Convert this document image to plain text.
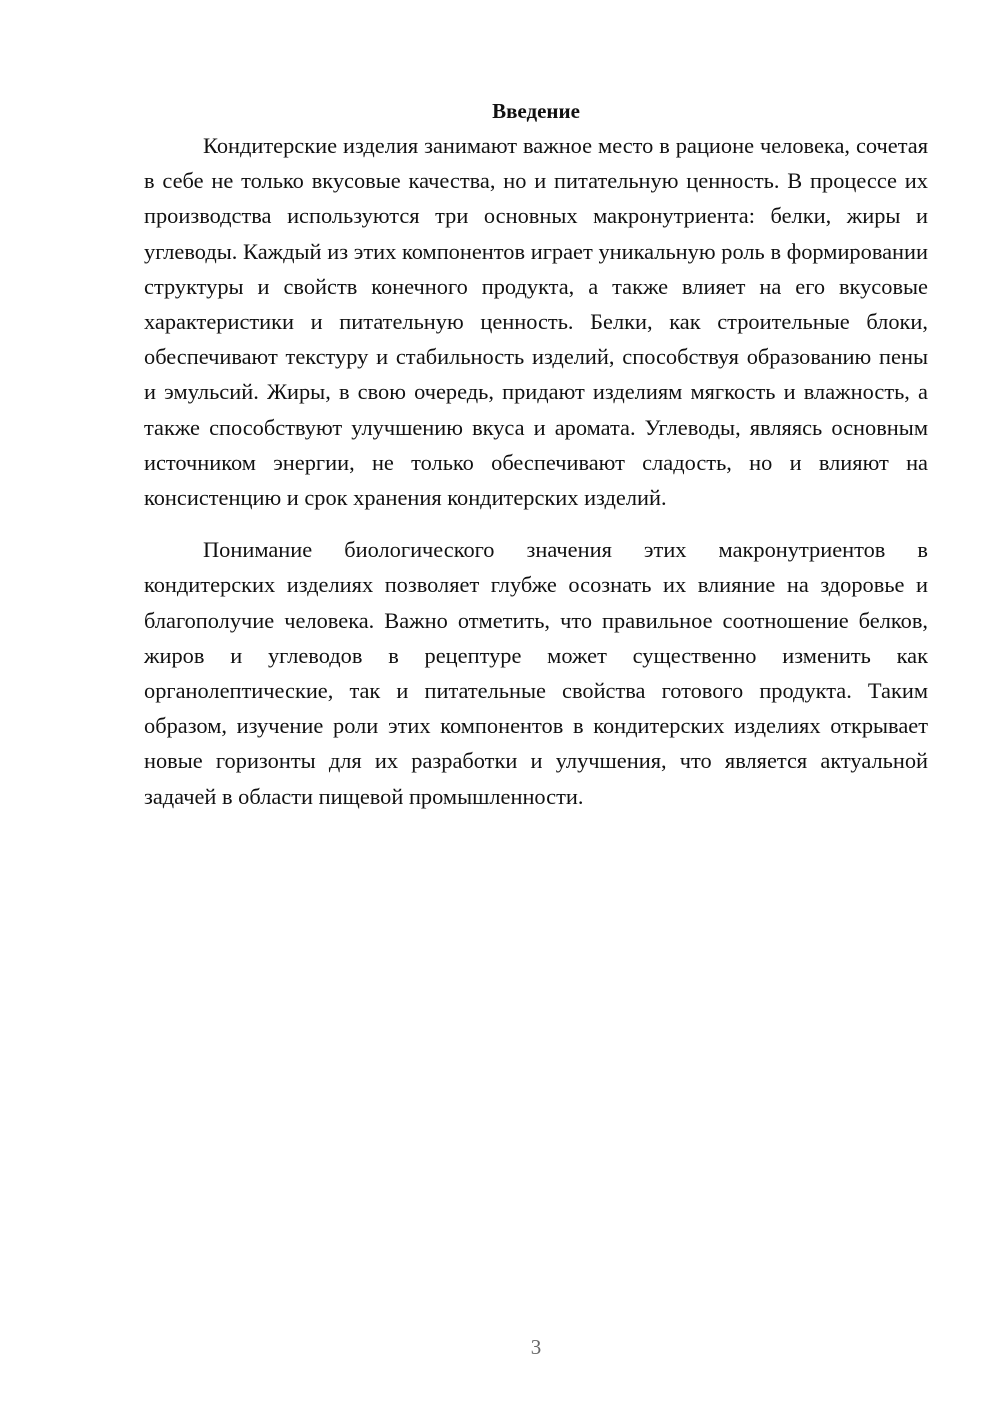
Введение

Кондитерские изделия занимают важное место в рационе человека, сочетая в себе не только вкусовые качества, но и питательную ценность. В процессе их производства используются три основных макронутриента: белки, жиры и углеводы. Каждый из этих компонентов играет уникальную роль в формировании структуры и свойств конечного продукта, а также влияет на его вкусовые характеристики и питательную ценность. Белки, как строительные блоки, обеспечивают текстуру и стабильность изделий, способствуя образованию пены и эмульсий. Жиры, в свою очередь, придают изделиям мягкость и влажность, а также способствуют улучшению вкуса и аромата. Углеводы, являясь основным источником энергии, не только обеспечивают сладость, но и влияют на консистенцию и срок хранения кондитерских изделий.

Понимание биологического значения этих макронутриентов в кондитерских изделиях позволяет глубже осознать их влияние на здоровье и благополучие человека. Важно отметить, что правильное соотношение белков, жиров и углеводов в рецептуре может существенно изменить как органолептические, так и питательные свойства готового продукта. Таким образом, изучение роли этих компонентов в кондитерских изделиях открывает новые горизонты для их разработки и улучшения, что является актуальной задачей в области пищевой промышленности.

3
